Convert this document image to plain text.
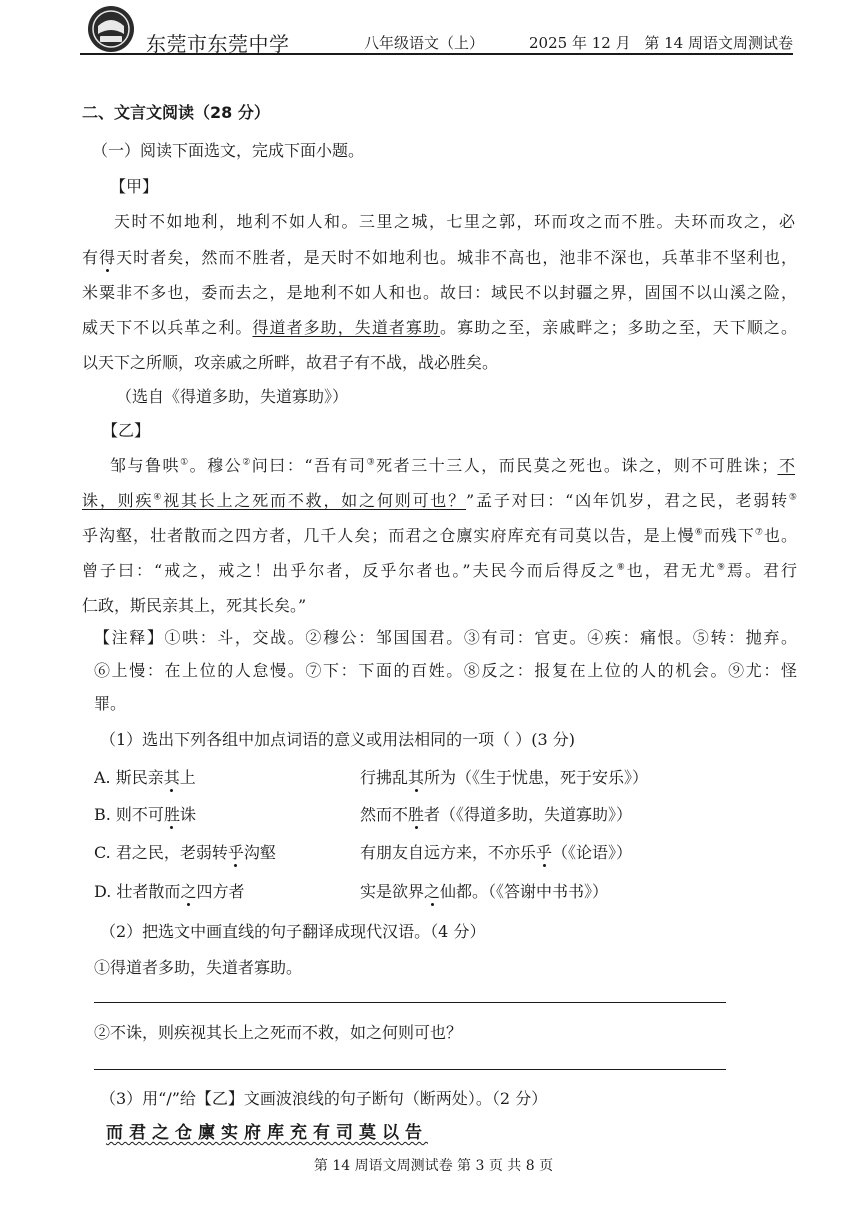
东莞市东莞中学	八年级语文（上）	2025 年 12 月 第 14 周语文周测试卷
二、文言文阅读（28 分）
（一）阅读下面选文，完成下面小题。
【甲】
天时不如地利，地利不如人和。三里之城，七里之郭，环而攻之而不胜。夫环而攻之，必
有得天时者矣，然而不胜者，是天时不如地利也。城非不高也，池非不深也，兵革非不坚利也，
米粟非不多也，委而去之，是地利不如人和也。故曰：域民不以封疆之界，固国不以山溪之险，
威天下不以兵革之利。得道者多助，失道者寡助。寡助之至，亲戚畔之；多助之至，天下顺之。
以天下之所顺，攻亲戚之所畔，故君子有不战，战必胜矣。
（选自《得道多助，失道寡助》）
【乙】
邹与鲁哄①。穆公②问曰：“吾有司③死者三十三人，而民莫之死也。诛之，则不可胜诛；不
诛，则疾④视其长上之死而不救，如之何则可也？”孟子对曰：“凶年饥岁，君之民，老弱转⑤
乎沟壑，壮者散而之四方者，几千人矣；而君之仓廪实府库充有司莫以告，是上慢⑥而残下⑦也。
曾子曰：“戒之，戒之！出乎尔者，反乎尔者也。”夫民今而后得反之⑧也，君无尤⑨焉。君行
仁政，斯民亲其上，死其长矣。”
【注释】①哄：斗，交战。②穆公：邹国国君。③有司：官吏。④疾：痛恨。⑤转：抛弃。
⑥上慢：在上位的人怠慢。⑦下：下面的百姓。⑧反之：报复在上位的人的机会。⑨尤：怪
罪。
（1）选出下列各组中加点词语的意义或用法相同的一项（ ）(3 分)
A. 斯民亲其上	行拂乱其所为（《生于忧患，死于安乐》）
B. 则不可胜诛	然而不胜者（《得道多助，失道寡助》）
C. 君之民，老弱转乎沟壑	有朋友自远方来，不亦乐乎（《论语》）
D. 壮者散而之四方者	实是欲界之仙都。（《答谢中书书》）
（2）把选文中画直线的句子翻译成现代汉语。（4 分）
①得道者多助，失道者寡助。
②不诛，则疾视其长上之死而不救，如之何则可也？
（3）用“/”给【乙】文画波浪线的句子断句（断两处）。（2 分）
而君之仓廪实府库充有司莫以告
第 14 周语文周测试卷 第 3 页 共 8 页
